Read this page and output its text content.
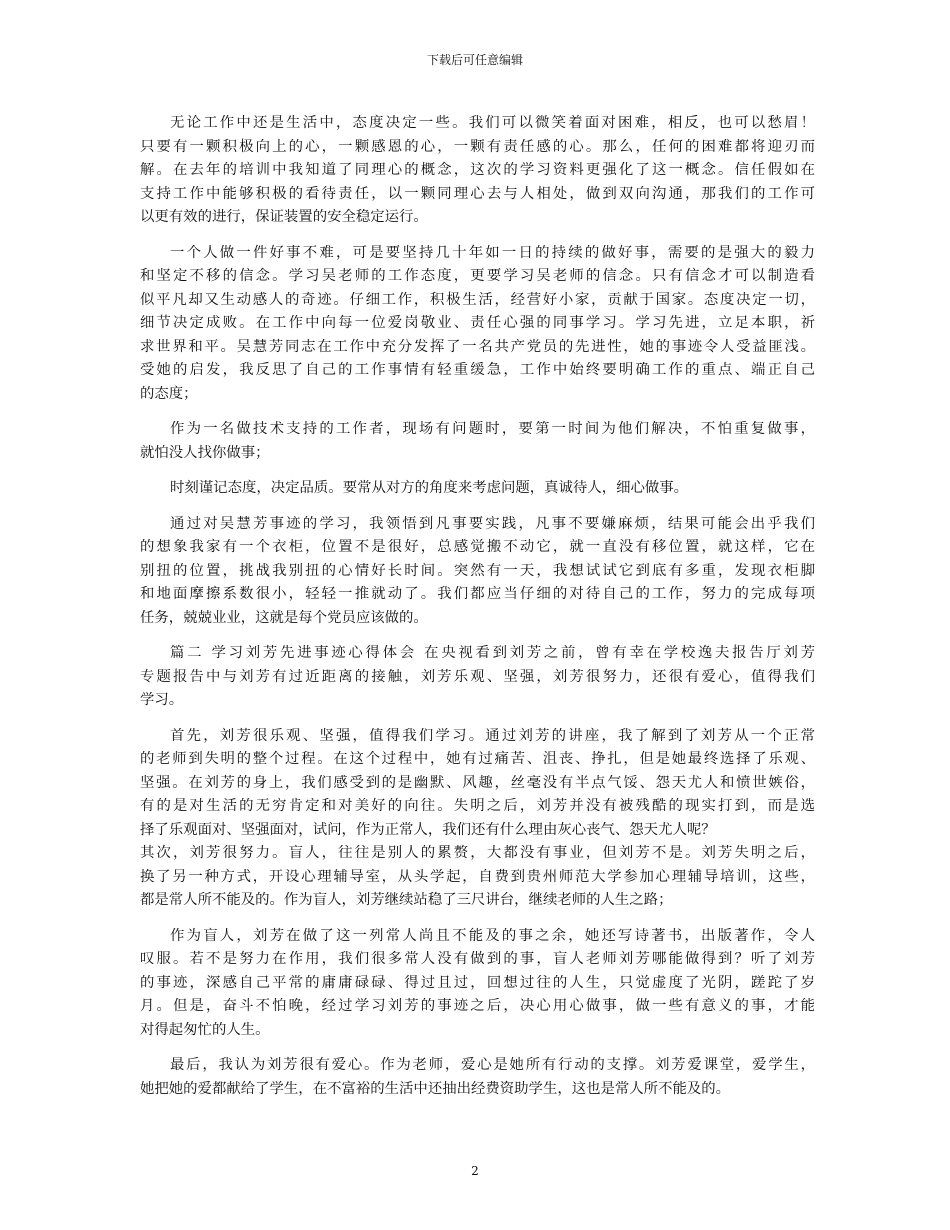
下载后可任意编辑
无论工作中还是生活中，态度决定一些。我们可以微笑着面对困难，相反，也可以愁眉！
只要有一颗积极向上的心，一颗感恩的心，一颗有责任感的心。那么，任何的困难都将迎刃而
解。在去年的培训中我知道了同理心的概念，这次的学习资料更强化了这一概念。信任假如在
支持工作中能够积极的看待责任，以一颗同理心去与人相处，做到双向沟通，那我们的工作可
以更有效的进行，保证装置的安全稳定运行。
一个人做一件好事不难，可是要坚持几十年如一日的持续的做好事，需要的是强大的毅力
和坚定不移的信念。学习吴老师的工作态度，更要学习吴老师的信念。只有信念才可以制造看
似平凡却又生动感人的奇迹。仔细工作，积极生活，经营好小家，贡献于国家。态度决定一切，
细节决定成败。在工作中向每一位爱岗敬业、责任心强的同事学习。学习先进，立足本职，祈
求世界和平。吴慧芳同志在工作中充分发挥了一名共产党员的先进性，她的事迹令人受益匪浅。
受她的启发，我反思了自己的工作事情有轻重缓急，工作中始终要明确工作的重点、端正自己
的态度；
作为一名做技术支持的工作者，现场有问题时，要第一时间为他们解决，不怕重复做事，
就怕没人找你做事；
时刻谨记态度，决定品质。要常从对方的角度来考虑问题，真诚待人，细心做事。
通过对吴慧芳事迹的学习，我领悟到凡事要实践，凡事不要嫌麻烦，结果可能会出乎我们
的想象我家有一个衣柜，位置不是很好，总感觉搬不动它，就一直没有移位置，就这样，它在
别扭的位置，挑战我别扭的心情好长时间。突然有一天，我想试试它到底有多重，发现衣柜脚
和地面摩擦系数很小，轻轻一推就动了。我们都应当仔细的对待自己的工作，努力的完成每项
任务，兢兢业业，这就是每个党员应该做的。
篇二 学习刘芳先进事迹心得体会 在央视看到刘芳之前，曾有幸在学校逸夫报告厅刘芳
专题报告中与刘芳有过近距离的接触，刘芳乐观、坚强，刘芳很努力，还很有爱心，值得我们
学习。
首先，刘芳很乐观、坚强，值得我们学习。通过刘芳的讲座，我了解到了刘芳从一个正常
的老师到失明的整个过程。在这个过程中，她有过痛苦、沮丧、挣扎，但是她最终选择了乐观、
坚强。在刘芳的身上，我们感受到的是幽默、风趣，丝毫没有半点气馁、怨天尤人和愤世嫉俗，
有的是对生活的无穷肯定和对美好的向往。失明之后，刘芳并没有被残酷的现实打到，而是选
择了乐观面对、坚强面对，试问，作为正常人，我们还有什么理由灰心丧气、怨天尤人呢？
其次，刘芳很努力。盲人，往往是别人的累赘，大都没有事业，但刘芳不是。刘芳失明之后，
换了另一种方式，开设心理辅导室，从头学起，自费到贵州师范大学参加心理辅导培训，这些，
都是常人所不能及的。作为盲人，刘芳继续站稳了三尺讲台，继续老师的人生之路；
作为盲人，刘芳在做了这一列常人尚且不能及的事之余，她还写诗著书，出版著作，令人
叹服。若不是努力在作用，我们很多常人没有做到的事，盲人老师刘芳哪能做得到？听了刘芳
的事迹，深感自己平常的庸庸碌碌、得过且过，回想过往的人生，只觉虚度了光阴，蹉跎了岁
月。但是，奋斗不怕晚，经过学习刘芳的事迹之后，决心用心做事，做一些有意义的事，才能
对得起匆忙的人生。
最后，我认为刘芳很有爱心。作为老师，爱心是她所有行动的支撑。刘芳爱课堂，爱学生，
她把她的爱都献给了学生，在不富裕的生活中还抽出经费资助学生，这也是常人所不能及的。
2
